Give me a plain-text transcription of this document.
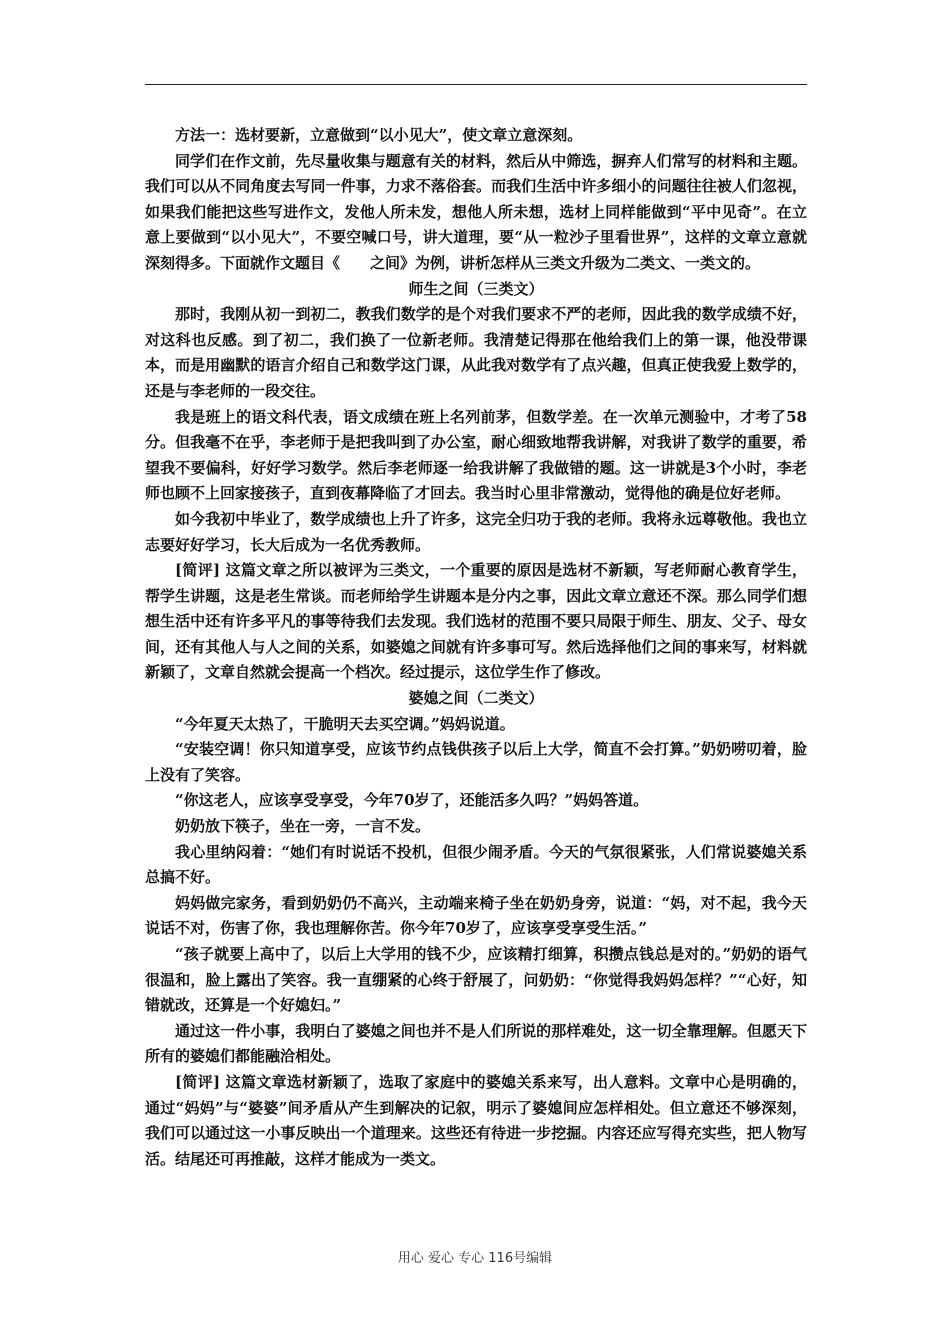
方法一：选材要新，立意做到“以小见大”，使文章立意深刻。

同学们在作文前，先尽量收集与题意有关的材料，然后从中筛选，摒弃人们常写的材料和主题。我们可以从不同角度去写同一件事，力求不落俗套。而我们生活中许多细小的问题往往被人们忽视，如果我们能把这些写进作文，发他人所未发，想他人所未想，选材上同样能做到“平中见奇”。在立意上要做到“以小见大”，不要空喊口号，讲大道理，要“从一粒沙子里看世界”，这样的文章立意就深刻得多。下面就作文题目《　　之间》为例，讲析怎样从三类文升级为二类文、一类文的。

师生之间（三类文）

那时，我刚从初一到初二，教我们数学的是个对我们要求不严的老师，因此我的数学成绩不好，对这科也反感。到了初二，我们换了一位新老师。我清楚记得那在他给我们上的第一课，他没带课本，而是用幽默的语言介绍自己和数学这门课，从此我对数学有了点兴趣，但真正使我爱上数学的，还是与李老师的一段交往。

我是班上的语文科代表，语文成绩在班上名列前茅，但数学差。在一次单元测验中，才考了58分。但我毫不在乎，李老师于是把我叫到了办公室，耐心细致地帮我讲解，对我讲了数学的重要，希望我不要偏科，好好学习数学。然后李老师逐一给我讲解了我做错的题。这一讲就是3个小时，李老师也顾不上回家接孩子，直到夜幕降临了才回去。我当时心里非常激动，觉得他的确是位好老师。

如今我初中毕业了，数学成绩也上升了许多，这完全归功于我的老师。我将永远尊敬他。我也立志要好好学习，长大后成为一名优秀教师。

[简评] 这篇文章之所以被评为三类文，一个重要的原因是选材不新颖，写老师耐心教育学生，帮学生讲题，这是老生常谈。而老师给学生讲题本是分内之事，因此文章立意还不深。那么同学们想想生活中还有许多平凡的事等待我们去发现。我们选材的范围不要只局限于师生、朋友、父子、母女间，还有其他人与人之间的关系，如婆媳之间就有许多事可写。然后选择他们之间的事来写，材料就新颖了，文章自然就会提高一个档次。经过提示，这位学生作了修改。

婆媳之间（二类文）

“今年夏天太热了，干脆明天去买空调。”妈妈说道。

“安装空调！你只知道享受，应该节约点钱供孩子以后上大学，简直不会打算。”奶奶唠叨着，脸上没有了笑容。

“你这老人，应该享受享受，今年70岁了，还能活多久吗？”妈妈答道。

奶奶放下筷子，坐在一旁，一言不发。

我心里纳闷着：“她们有时说话不投机，但很少闹矛盾。今天的气氛很紧张，人们常说婆媳关系总搞不好。

妈妈做完家务，看到奶奶仍不高兴，主动端来椅子坐在奶奶身旁，说道：“妈，对不起，我今天说话不对，伤害了你，我也理解你苦。你今年70岁了，应该享受享受生活。”

“孩子就要上高中了，以后上大学用的钱不少，应该精打细算，积攒点钱总是对的。”奶奶的语气很温和，脸上露出了笑容。我一直绷紧的心终于舒展了，问奶奶：“你觉得我妈妈怎样？”“心好，知错就改，还算是一个好媳妇。”

通过这一件小事，我明白了婆媳之间也并不是人们所说的那样难处，这一切全靠理解。但愿天下所有的婆媳们都能融洽相处。

[简评] 这篇文章选材新颖了，选取了家庭中的婆媳关系来写，出人意料。文章中心是明确的，通过“妈妈”与“婆婆”间矛盾从产生到解决的记叙，明示了婆媳间应怎样相处。但立意还不够深刻，我们可以通过这一小事反映出一个道理来。这些还有待进一步挖掘。内容还应写得充实些，把人物写活。结尾还可再推敲，这样才能成为一类文。

用心 爱心 专心 116号编辑
